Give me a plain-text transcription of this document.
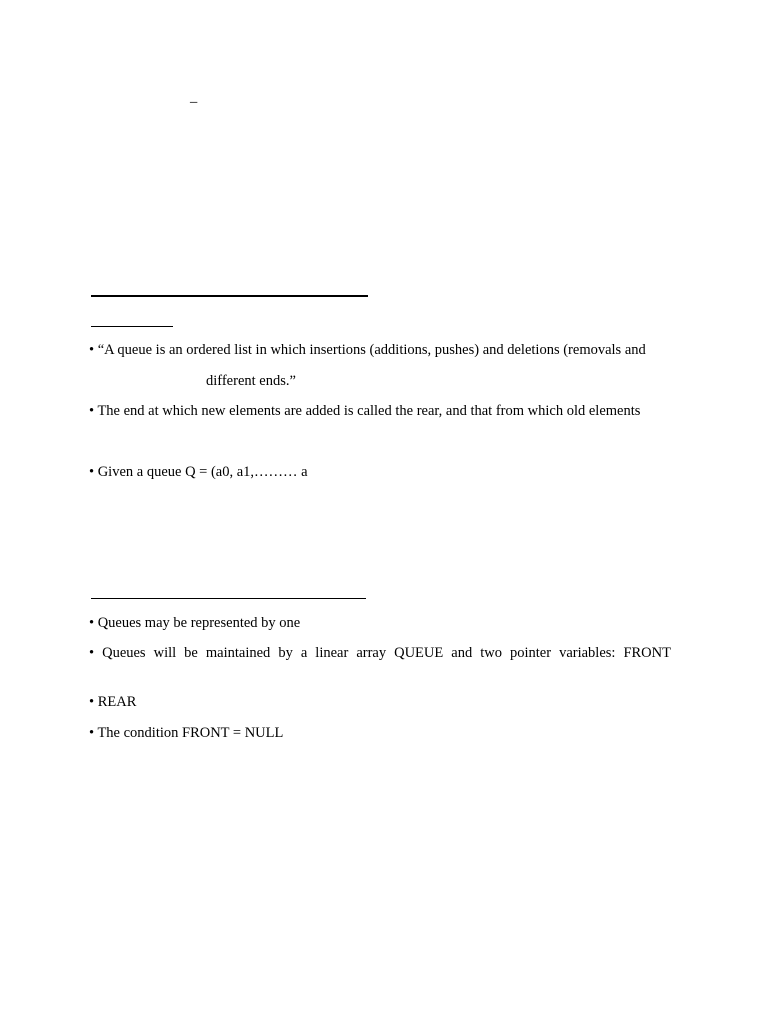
–
• “A queue is an ordered list in which insertions (additions, pushes) and deletions (removals and
different ends.”
• The end at which new elements are added is called the rear, and that from which old elements
• Given a queue Q = (a0, a1,……… a
• Queues may be represented by one
• Queues will be maintained by a linear array QUEUE and two pointer variables: FRONT
• REAR
• The condition FRONT = NULL
